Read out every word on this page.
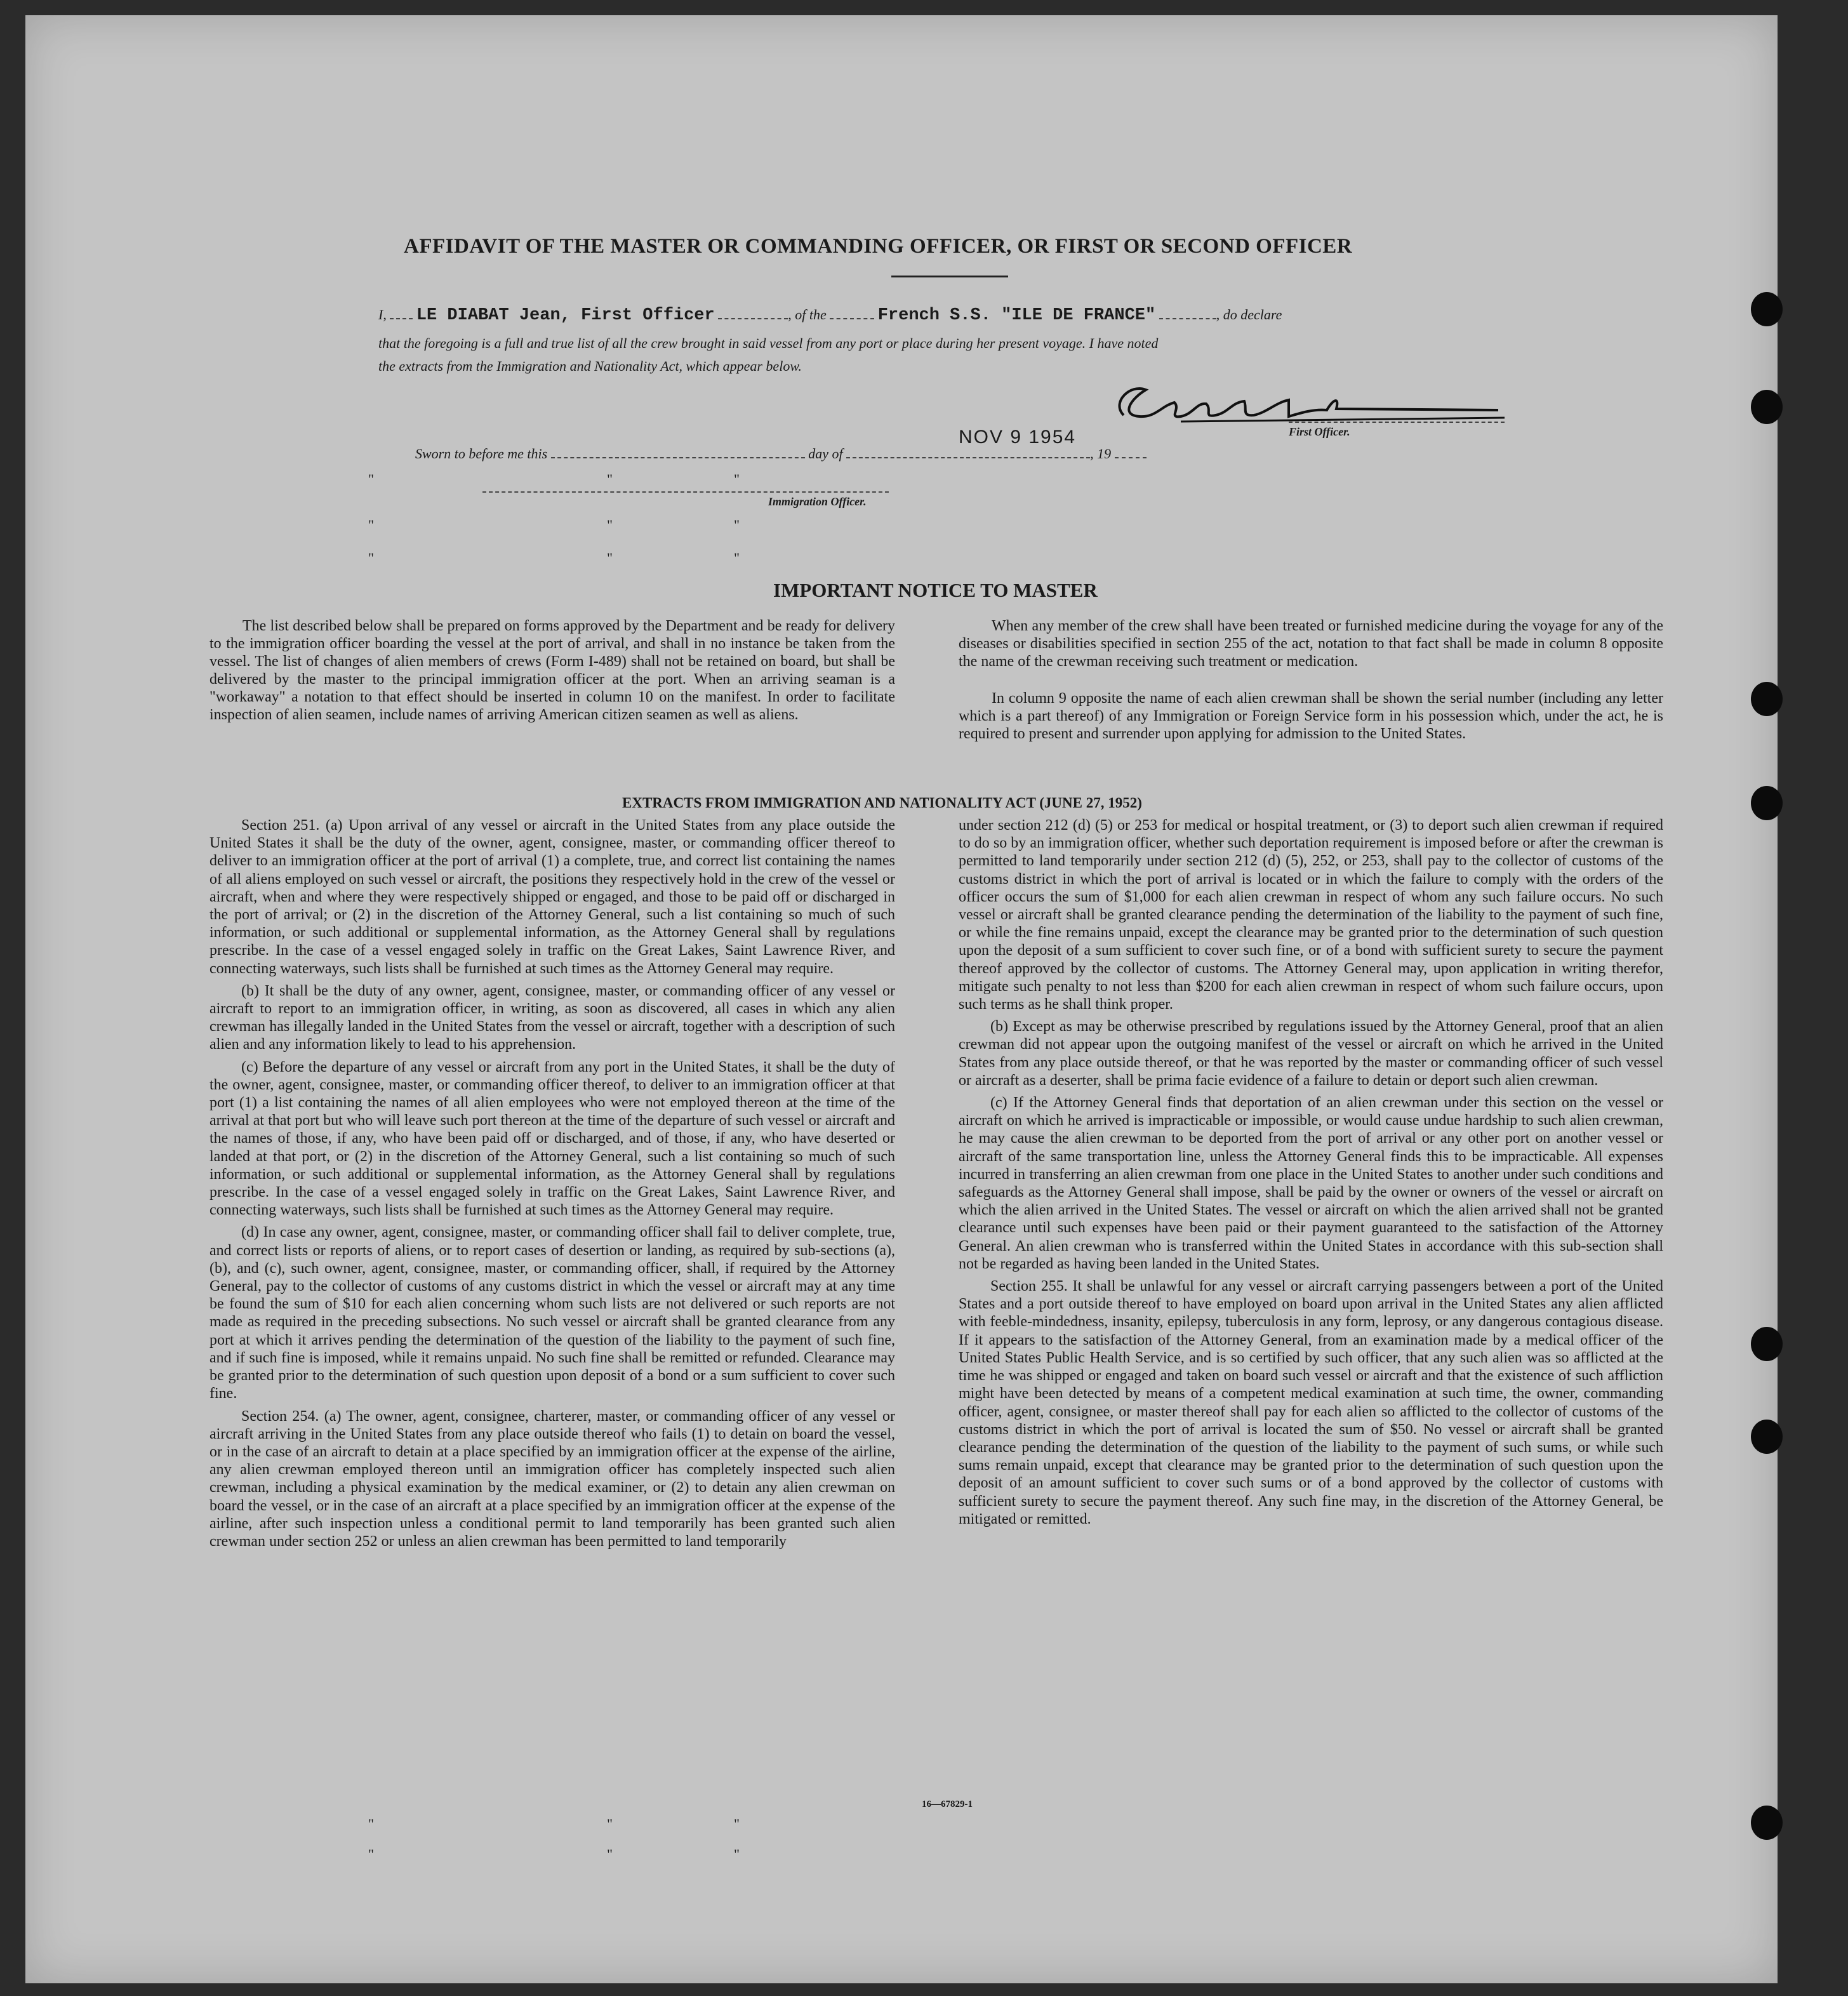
AFFIDAVIT OF THE MASTER OR COMMANDING OFFICER, OR FIRST OR SECOND OFFICER
I, LE DIABAT Jean, First Officer	, of the	French S.S. "ILE DE FRANCE"	, do declare
that the foregoing is a full and true list of all the crew brought in said vessel from any port or place during her present voyage. I have noted
the extracts from the Immigration and Nationality Act, which appear below.
First Officer.
Sworn to before me this	day of	, 19
NOV 9 1954
Immigration Officer.
"	"	"
"	"	"
"	"	"
IMPORTANT NOTICE TO MASTER
The list described below shall be prepared on forms approved by the Department and be ready for delivery to the immigration officer boarding the vessel at the port of arrival, and shall in no instance be taken from the vessel. The list of changes of alien members of crews (Form I-489) shall not be retained on board, but shall be delivered by the master to the principal immigration officer at the port. When an arriving seaman is a "workaway" a notation to that effect should be inserted in column 10 on the manifest. In order to facilitate inspection of alien seamen, include names of arriving American citizen seamen as well as aliens.
When any member of the crew shall have been treated or furnished medicine during the voyage for any of the diseases or disabilities specified in section 255 of the act, notation to that fact shall be made in column 8 opposite the name of the crewman receiving such treatment or medication.
In column 9 opposite the name of each alien crewman shall be shown the serial number (including any letter which is a part thereof) of any Immigration or Foreign Service form in his possession which, under the act, he is required to present and surrender upon applying for admission to the United States.
EXTRACTS FROM IMMIGRATION AND NATIONALITY ACT (JUNE 27, 1952)

Section 251. (a) Upon arrival of any vessel or aircraft in the United States from any place outside the United States it shall be the duty of the owner, agent, consignee, master, or commanding officer thereof to deliver to an immigration officer at the port of arrival (1) a complete, true, and correct list containing the names of all aliens employed on such vessel or aircraft, the positions they respectively hold in the crew of the vessel or aircraft, when and where they were respectively shipped or engaged, and those to be paid off or discharged in the port of arrival; or (2) in the discretion of the Attorney General, such a list containing so much of such information, or such additional or supplemental information, as the Attorney General shall by regulations prescribe. In the case of a vessel engaged solely in traffic on the Great Lakes, Saint Lawrence River, and connecting waterways, such lists shall be furnished at such times as the Attorney General may require.

(b) It shall be the duty of any owner, agent, consignee, master, or commanding officer of any vessel or aircraft to report to an immigration officer, in writing, as soon as discovered, all cases in which any alien crewman has illegally landed in the United States from the vessel or aircraft, together with a description of such alien and any information likely to lead to his apprehension.

(c) Before the departure of any vessel or aircraft from any port in the United States, it shall be the duty of the owner, agent, consignee, master, or commanding officer thereof, to deliver to an immigration officer at that port (1) a list containing the names of all alien employees who were not employed thereon at the time of the arrival at that port but who will leave such port thereon at the time of the departure of such vessel or aircraft and the names of those, if any, who have been paid off or discharged, and of those, if any, who have deserted or landed at that port, or (2) in the discretion of the Attorney General, such a list containing so much of such information, or such additional or supplemental information, as the Attorney General shall by regulations prescribe. In the case of a vessel engaged solely in traffic on the Great Lakes, Saint Lawrence River, and connecting waterways, such lists shall be furnished at such times as the Attorney General may require.

(d) In case any owner, agent, consignee, master, or commanding officer shall fail to deliver complete, true, and correct lists or reports of aliens, or to report cases of desertion or landing, as required by sub-sections (a), (b), and (c), such owner, agent, consignee, master, or commanding officer, shall, if required by the Attorney General, pay to the collector of customs of any customs district in which the vessel or aircraft may at any time be found the sum of $10 for each alien concerning whom such lists are not delivered or such reports are not made as required in the preceding subsections. No such vessel or aircraft shall be granted clearance from any port at which it arrives pending the determination of the question of the liability to the payment of such fine, and if such fine is imposed, while it remains unpaid. No such fine shall be remitted or refunded. Clearance may be granted prior to the determination of such question upon deposit of a bond or a sum sufficient to cover such fine.

Section 254. (a) The owner, agent, consignee, charterer, master, or commanding officer of any vessel or aircraft arriving in the United States from any place outside thereof who fails (1) to detain on board the vessel, or in the case of an aircraft to detain at a place specified by an immigration officer at the expense of the airline, any alien crewman employed thereon until an immigration officer has completely inspected such alien crewman, including a physical examination by the medical examiner, or (2) to detain any alien crewman on board the vessel, or in the case of an aircraft at a place specified by an immigration officer at the expense of the airline, after such inspection unless a conditional permit to land temporarily has been granted such alien crewman under section 252 or unless an alien crewman has been permitted to land temporarily

under section 212 (d) (5) or 253 for medical or hospital treatment, or (3) to deport such alien crewman if required to do so by an immigration officer, whether such deportation requirement is imposed before or after the crewman is permitted to land temporarily under section 212 (d) (5), 252, or 253, shall pay to the collector of customs of the customs district in which the port of arrival is located or in which the failure to comply with the orders of the officer occurs the sum of $1,000 for each alien crewman in respect of whom any such failure occurs. No such vessel or aircraft shall be granted clearance pending the determination of the liability to the payment of such fine, or while the fine remains unpaid, except the clearance may be granted prior to the determination of such question upon the deposit of a sum sufficient to cover such fine, or of a bond with sufficient surety to secure the payment thereof approved by the collector of customs. The Attorney General may, upon application in writing therefor, mitigate such penalty to not less than $200 for each alien crewman in respect of whom such failure occurs, upon such terms as he shall think proper.

(b) Except as may be otherwise prescribed by regulations issued by the Attorney General, proof that an alien crewman did not appear upon the outgoing manifest of the vessel or aircraft on which he arrived in the United States from any place outside thereof, or that he was reported by the master or commanding officer of such vessel or aircraft as a deserter, shall be prima facie evidence of a failure to detain or deport such alien crewman.

(c) If the Attorney General finds that deportation of an alien crewman under this section on the vessel or aircraft on which he arrived is impracticable or impossible, or would cause undue hardship to such alien crewman, he may cause the alien crewman to be deported from the port of arrival or any other port on another vessel or aircraft of the same transportation line, unless the Attorney General finds this to be impracticable. All expenses incurred in transferring an alien crewman from one place in the United States to another under such conditions and safeguards as the Attorney General shall impose, shall be paid by the owner or owners of the vessel or aircraft on which the alien arrived in the United States. The vessel or aircraft on which the alien arrived shall not be granted clearance until such expenses have been paid or their payment guaranteed to the satisfaction of the Attorney General. An alien crewman who is transferred within the United States in accordance with this sub-section shall not be regarded as having been landed in the United States.

Section 255. It shall be unlawful for any vessel or aircraft carrying passengers between a port of the United States and a port outside thereof to have employed on board upon arrival in the United States any alien afflicted with feeble-mindedness, insanity, epilepsy, tuberculosis in any form, leprosy, or any dangerous contagious disease. If it appears to the satisfaction of the Attorney General, from an examination made by a medical officer of the United States Public Health Service, and is so certified by such officer, that any such alien was so afflicted at the time he was shipped or engaged and taken on board such vessel or aircraft and that the existence of such affliction might have been detected by means of a competent medical examination at such time, the owner, commanding officer, agent, consignee, or master thereof shall pay for each alien so afflicted to the collector of customs of the customs district in which the port of arrival is located the sum of $50. No vessel or aircraft shall be granted clearance pending the determination of the question of the liability to the payment of such sums, or while such sums remain unpaid, except that clearance may be granted prior to the determination of such question upon the deposit of an amount sufficient to cover such sums or of a bond approved by the collector of customs with sufficient surety to secure the payment thereof. Any such fine may, in the discretion of the Attorney General, be mitigated or remitted.

16—67829-1
"	"	"
"	"	"
